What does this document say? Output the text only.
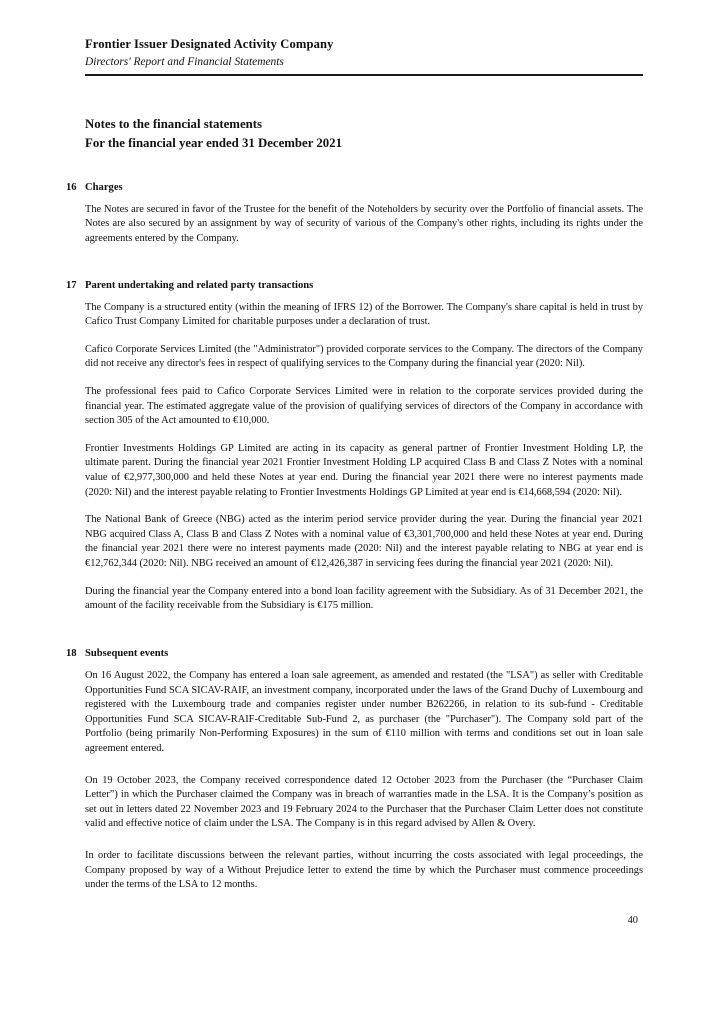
Frontier Issuer Designated Activity Company
Directors' Report and Financial Statements
Notes to the financial statements
For the financial year ended 31 December 2021
16 Charges

The Notes are secured in favor of the Trustee for the benefit of the Noteholders by security over the Portfolio of financial assets. The Notes are also secured by an assignment by way of security of various of the Company's other rights, including its rights under the agreements entered by the Company.

17 Parent undertaking and related party transactions

The Company is a structured entity (within the meaning of IFRS 12) of the Borrower. The Company's share capital is held in trust by Cafico Trust Company Limited for charitable purposes under a declaration of trust.

Cafico Corporate Services Limited (the "Administrator") provided corporate services to the Company. The directors of the Company did not receive any director's fees in respect of qualifying services to the Company during the financial year (2020: Nil).

The professional fees paid to Cafico Corporate Services Limited were in relation to the corporate services provided during the financial year. The estimated aggregate value of the provision of qualifying services of directors of the Company in accordance with section 305 of the Act amounted to €10,000.

Frontier Investments Holdings GP Limited are acting in its capacity as general partner of Frontier Investment Holding LP, the ultimate parent. During the financial year 2021 Frontier Investment Holding LP acquired Class B and Class Z Notes with a nominal value of €2,977,300,000 and held these Notes at year end. During the financial year 2021 there were no interest payments made (2020: Nil) and the interest payable relating to Frontier Investments Holdings GP Limited at year end is €14,668,594 (2020: Nil).

The National Bank of Greece (NBG) acted as the interim period service provider during the year. During the financial year 2021 NBG acquired Class A, Class B and Class Z Notes with a nominal value of €3,301,700,000 and held these Notes at year end. During the financial year 2021 there were no interest payments made (2020: Nil) and the interest payable relating to NBG at year end is €12,762,344 (2020: Nil). NBG received an amount of €12,426,387 in servicing fees during the financial year 2021 (2020: Nil).

During the financial year the Company entered into a bond loan facility agreement with the Subsidiary. As of 31 December 2021, the amount of the facility receivable from the Subsidiary is €175 million.

18 Subsequent events

On 16 August 2022, the Company has entered a loan sale agreement, as amended and restated (the "LSA") as seller with Creditable Opportunities Fund SCA SICAV-RAIF, an investment company, incorporated under the laws of the Grand Duchy of Luxembourg and registered with the Luxembourg trade and companies register under number B262266, in relation to its sub-fund - Creditable Opportunities Fund SCA SICAV-RAIF-Creditable Sub-Fund 2, as purchaser (the "Purchaser"). The Company sold part of the Portfolio (being primarily Non-Performing Exposures) in the sum of €110 million with terms and conditions set out in loan sale agreement entered.

On 19 October 2023, the Company received correspondence dated 12 October 2023 from the Purchaser (the “Purchaser Claim Letter”) in which the Purchaser claimed the Company was in breach of warranties made in the LSA. It is the Company’s position as set out in letters dated 22 November 2023 and 19 February 2024 to the Purchaser that the Purchaser Claim Letter does not constitute valid and effective notice of claim under the LSA. The Company is in this regard advised by Allen & Overy.

In order to facilitate discussions between the relevant parties, without incurring the costs associated with legal proceedings, the Company proposed by way of a Without Prejudice letter to extend the time by which the Purchaser must commence proceedings under the terms of the LSA to 12 months.

40
